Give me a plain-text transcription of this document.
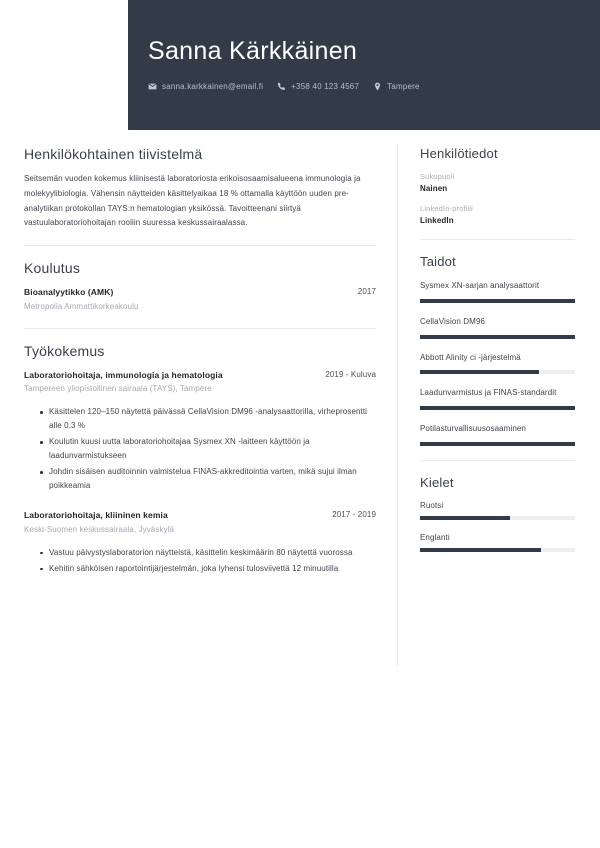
Sanna Kärkkäinen
sanna.karkkainen@email.fi	+358 40 123 4567	Tampere
Henkilökohtainen tiivistelmä

Seitsemän vuoden kokemus kliinisestä laboratoriosta erikoisosaamisalueena immunologia ja molekyylibiologia. Vähensin näytteiden käsittelyaikaa 18 % ottamalla käyttöön uuden pre-analytiikan protokollan TAYS:n hematologian yksikössä. Tavoitteenani siirtyä vastuulaboratoriohoitajan rooliin suuressa keskussairaalassa.

Koulutus
Bioanalyytikko (AMK)	2017
Metropolia Ammattikorkeakoulu
Työkokemus
Laboratoriohoitaja, immunologia ja hematologia	2019 - Kuluva
Tampereen yliopistollinen sairaala (TAYS), Tampere
Käsittelen 120–150 näytettä päivässä CellaVision DM96 -analysaattorilla, virheprosentti alle 0,3 %
Koulutin kuusi uutta laboratoriohoitajaa Sysmex XN -laitteen käyttöön ja laadunvarmistukseen
Johdin sisäisen auditoinnin valmistelua FINAS-akkreditointia varten, mikä sujui ilman poikkeamia
Laboratoriohoitaja, kliininen kemia	2017 - 2019
Keski-Suomen keskussairaala, Jyväskylä
Vastuu päivystyslaboratorion näytteistä, käsittelin keskimäärin 80 näytettä vuorossa
Kehitin sähköisen raportointijärjestelmän, joka lyhensi tulosviivettä 12 minuutilla
Henkilötiedot
Sukupuoli
Nainen
LinkedIn-profiili
LinkedIn
Taidot
Sysmex XN-sarjan analysaattorit
CellaVision DM96
Abbott Alinity ci -järjestelmä
Laadunvarmistus ja FINAS-standardit
Potilasturvallisuusosaaminen
Kielet
Ruotsi
Englanti
